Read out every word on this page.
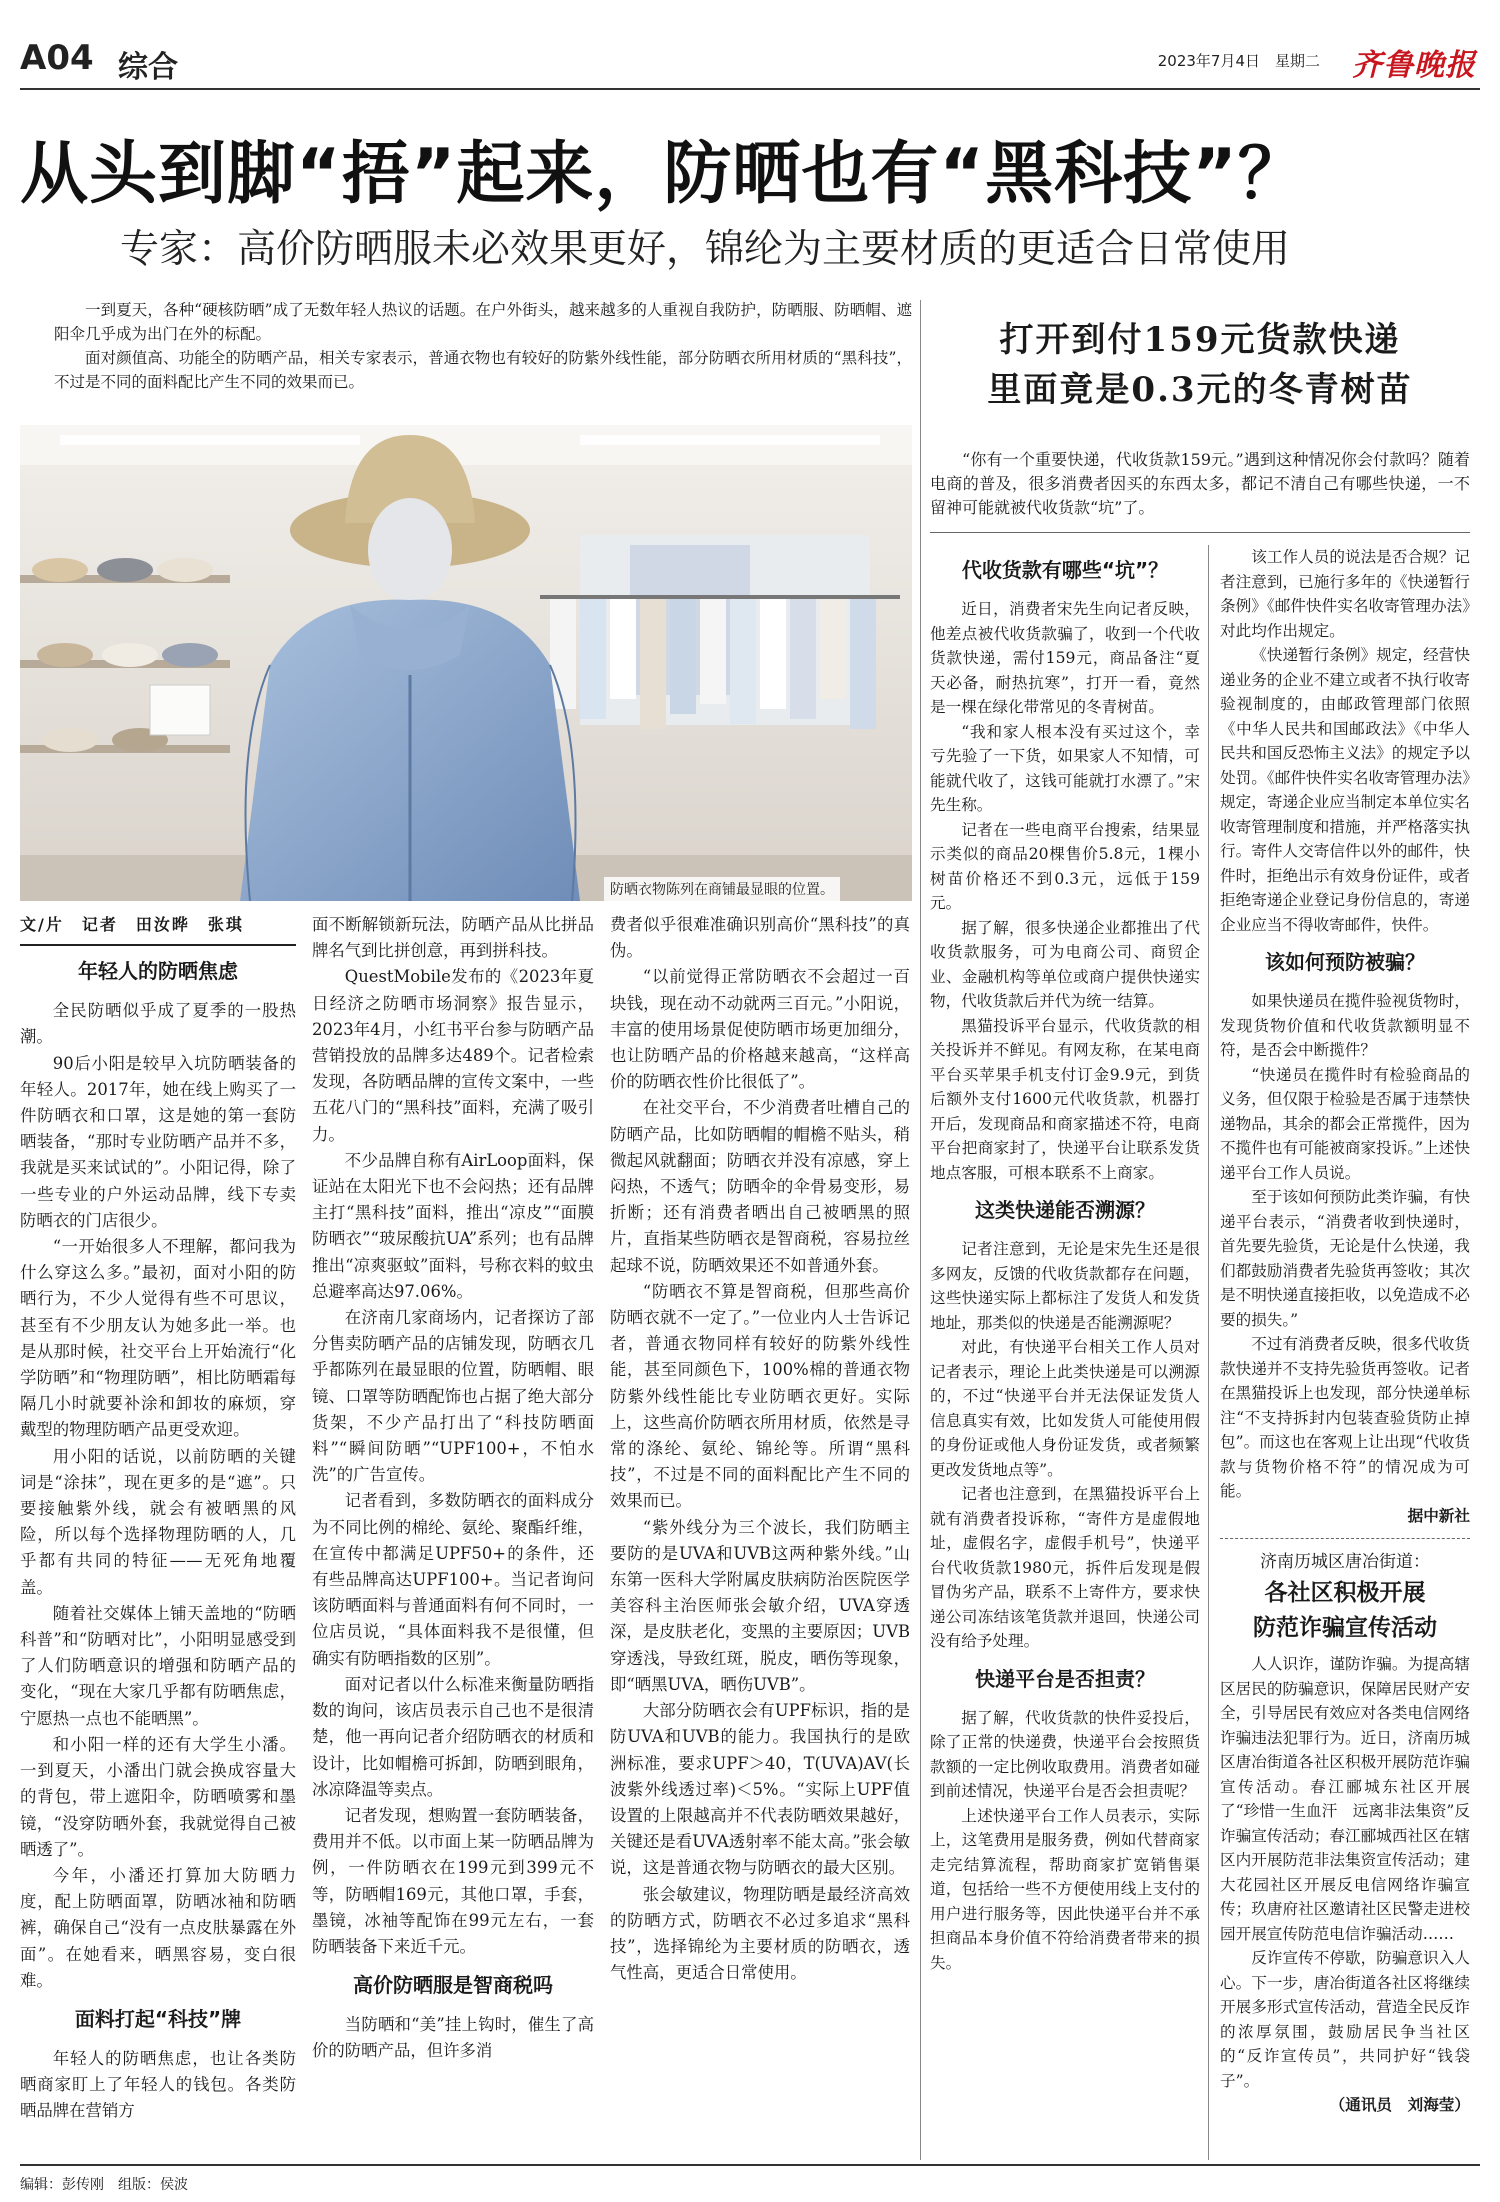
A04 综合	2023年7月4日　星期二 齐鲁晚报
从头到脚“捂”起来，防晒也有“黑科技”？
专家：高价防晒服未必效果更好，锦纶为主要材质的更适合日常使用

一到夏天，各种“硬核防晒”成了无数年轻人热议的话题。在户外街头，越来越多的人重视自我防护，防晒服、防晒帽、遮阳伞几乎成为出门在外的标配。

面对颜值高、功能全的防晒产品，相关专家表示，普通衣物也有较好的防紫外线性能，部分防晒衣所用材质的“黑科技”，不过是不同的面料配比产生不同的效果而已。

防晒衣物陈列在商铺最显眼的位置。
文/片　记者　田汝晔　张琪
年轻人的防晒焦虑

全民防晒似乎成了夏季的一股热潮。

90后小阳是较早入坑防晒装备的年轻人。2017年，她在线上购买了一件防晒衣和口罩，这是她的第一套防晒装备，“那时专业防晒产品并不多，我就是买来试试的”。小阳记得，除了一些专业的户外运动品牌，线下专卖防晒衣的门店很少。

“一开始很多人不理解，都问我为什么穿这么多。”最初，面对小阳的防晒行为，不少人觉得有些不可思议，甚至有不少朋友认为她多此一举。也是从那时候，社交平台上开始流行“化学防晒”和“物理防晒”，相比防晒霜每隔几小时就要补涂和卸妆的麻烦，穿戴型的物理防晒产品更受欢迎。

用小阳的话说，以前防晒的关键词是“涂抹”，现在更多的是“遮”。只要接触紫外线，就会有被晒黑的风险，所以每个选择物理防晒的人，几乎都有共同的特征——无死角地覆盖。

随着社交媒体上铺天盖地的“防晒科普”和“防晒对比”，小阳明显感受到了人们防晒意识的增强和防晒产品的变化，“现在大家几乎都有防晒焦虑，宁愿热一点也不能晒黑”。

和小阳一样的还有大学生小潘。一到夏天，小潘出门就会换成容量大的背包，带上遮阳伞，防晒喷雾和墨镜，“没穿防晒外套，我就觉得自己被晒透了”。

今年，小潘还打算加大防晒力度，配上防晒面罩，防晒冰袖和防晒裤，确保自己“没有一点皮肤暴露在外面”。在她看来，晒黑容易，变白很难。

面料打起“科技”牌

年轻人的防晒焦虑，也让各类防晒商家盯上了年轻人的钱包。各类防晒品牌在营销方

面不断解锁新玩法，防晒产品从比拼品牌名气到比拼创意，再到拼科技。

QuestMobile发布的《2023年夏日经济之防晒市场洞察》报告显示，2023年4月，小红书平台参与防晒产品营销投放的品牌多达489个。记者检索发现，各防晒品牌的宣传文案中，一些五花八门的“黑科技”面料，充满了吸引力。

不少品牌自称有AirLoop面料，保证站在太阳光下也不会闷热；还有品牌主打“黑科技”面料，推出“凉皮”“面膜防晒衣”“玻尿酸抗UA”系列；也有品牌推出“凉爽驱蚊”面料，号称衣料的蚊虫总避率高达97.06%。

在济南几家商场内，记者探访了部分售卖防晒产品的店铺发现，防晒衣几乎都陈列在最显眼的位置，防晒帽、眼镜、口罩等防晒配饰也占据了绝大部分货架，不少产品打出了“科技防晒面料”“瞬间防晒”“UPF100+，不怕水洗”的广告宣传。

记者看到，多数防晒衣的面料成分为不同比例的棉纶、氨纶、聚酯纤维，在宣传中都满足UPF50+的条件，还有些品牌高达UPF100+。当记者询问该防晒面料与普通面料有何不同时，一位店员说，“具体面料我不是很懂，但确实有防晒指数的区别”。

面对记者以什么标准来衡量防晒指数的询问，该店员表示自己也不是很清楚，他一再向记者介绍防晒衣的材质和设计，比如帽檐可拆卸，防晒到眼角，冰凉降温等卖点。

记者发现，想购置一套防晒装备，费用并不低。以市面上某一防晒品牌为例，一件防晒衣在199元到399元不等，防晒帽169元，其他口罩，手套，墨镜，冰袖等配饰在99元左右，一套防晒装备下来近千元。

高价防晒服是智商税吗

当防晒和“美”挂上钩时，催生了高价的防晒产品，但许多消

费者似乎很难准确识别高价“黑科技”的真伪。

“以前觉得正常防晒衣不会超过一百块钱，现在动不动就两三百元。”小阳说，丰富的使用场景促使防晒市场更加细分，也让防晒产品的价格越来越高，“这样高价的防晒衣性价比很低了”。

在社交平台，不少消费者吐槽自己的防晒产品，比如防晒帽的帽檐不贴头，稍微起风就翻面；防晒衣并没有凉感，穿上闷热，不透气；防晒伞的伞骨易变形，易折断；还有消费者晒出自己被晒黑的照片，直指某些防晒衣是智商税，容易拉丝起球不说，防晒效果还不如普通外套。

“防晒衣不算是智商税，但那些高价防晒衣就不一定了。”一位业内人士告诉记者，普通衣物同样有较好的防紫外线性能，甚至同颜色下，100%棉的普通衣物防紫外线性能比专业防晒衣更好。实际上，这些高价防晒衣所用材质，依然是寻常的涤纶、氨纶、锦纶等。所谓“黑科技”，不过是不同的面料配比产生不同的效果而已。

“紫外线分为三个波长，我们防晒主要防的是UVA和UVB这两种紫外线。”山东第一医科大学附属皮肤病防治医院医学美容科主治医师张会敏介绍，UVA穿透深，是皮肤老化，变黑的主要原因；UVB穿透浅，导致红斑，脱皮，晒伤等现象，即“晒黑UVA，晒伤UVB”。

大部分防晒衣会有UPF标识，指的是防UVA和UVB的能力。我国执行的是欧洲标准，要求UPF＞40，T(UVA)AV(长波紫外线透过率)＜5%。“实际上UPF值设置的上限越高并不代表防晒效果越好，关键还是看UVA透射率不能太高。”张会敏说，这是普通衣物与防晒衣的最大区别。

张会敏建议，物理防晒是最经济高效的防晒方式，防晒衣不必过多追求“黑科技”，选择锦纶为主要材质的防晒衣，透气性高，更适合日常使用。

打开到付159元货款快递
里面竟是0.3元的冬青树苗

“你有一个重要快递，代收货款159元。”遇到这种情况你会付款吗？随着电商的普及，很多消费者因买的东西太多，都记不清自己有哪些快递，一不留神可能就被代收货款“坑”了。

代收货款有哪些“坑”？

近日，消费者宋先生向记者反映，他差点被代收货款骗了，收到一个代收货款快递，需付159元，商品备注“夏天必备，耐热抗寒”，打开一看，竟然是一棵在绿化带常见的冬青树苗。

“我和家人根本没有买过这个，幸亏先验了一下货，如果家人不知情，可能就代收了，这钱可能就打水漂了。”宋先生称。

记者在一些电商平台搜索，结果显示类似的商品20棵售价5.8元，1棵小树苗价格还不到0.3元，远低于159元。

据了解，很多快递企业都推出了代收货款服务，可为电商公司、商贸企业、金融机构等单位或商户提供快递实物，代收货款后并代为统一结算。

黑猫投诉平台显示，代收货款的相关投诉并不鲜见。有网友称，在某电商平台买苹果手机支付订金9.9元，到货后额外支付1600元代收货款，机器打开后，发现商品和商家描述不符，电商平台把商家封了，快递平台让联系发货地点客服，可根本联系不上商家。

这类快递能否溯源？

记者注意到，无论是宋先生还是很多网友，反馈的代收货款都存在问题，这些快递实际上都标注了发货人和发货地址，那类似的快递是否能溯源呢？

对此，有快递平台相关工作人员对记者表示，理论上此类快递是可以溯源的，不过“快递平台并无法保证发货人信息真实有效，比如发货人可能使用假的身份证或他人身份证发货，或者频繁更改发货地点等”。

记者也注意到，在黑猫投诉平台上就有消费者投诉称，“寄件方是虚假地址，虚假名字，虚假手机号”，快递平台代收货款1980元，拆件后发现是假冒伪劣产品，联系不上寄件方，要求快递公司冻结该笔货款并退回，快递公司没有给予处理。

快递平台是否担责？

据了解，代收货款的快件妥投后，除了正常的快递费，快递平台会按照货款额的一定比例收取费用。消费者如碰到前述情况，快递平台是否会担责呢？

上述快递平台工作人员表示，实际上，这笔费用是服务费，例如代替商家走完结算流程，帮助商家扩宽销售渠道，包括给一些不方便使用线上支付的用户进行服务等，因此快递平台并不承担商品本身价值不符给消费者带来的损失。

该工作人员的说法是否合规？记者注意到，已施行多年的《快递暂行条例》《邮件快件实名收寄管理办法》对此均作出规定。

《快递暂行条例》规定，经营快递业务的企业不建立或者不执行收寄验视制度的，由邮政管理部门依照《中华人民共和国邮政法》《中华人民共和国反恐怖主义法》的规定予以处罚。《邮件快件实名收寄管理办法》规定，寄递企业应当制定本单位实名收寄管理制度和措施，并严格落实执行。寄件人交寄信件以外的邮件，快件时，拒绝出示有效身份证件，或者拒绝寄递企业登记身份信息的，寄递企业应当不得收寄邮件，快件。

该如何预防被骗？

如果快递员在揽件验视货物时，发现货物价值和代收货款额明显不符，是否会中断揽件？

“快递员在揽件时有检验商品的义务，但仅限于检验是否属于违禁快递物品，其余的都会正常揽件，因为不揽件也有可能被商家投诉。”上述快递平台工作人员说。

至于该如何预防此类诈骗，有快递平台表示，“消费者收到快递时，首先要先验货，无论是什么快递，我们都鼓励消费者先验货再签收；其次是不明快递直接拒收，以免造成不必要的损失。”

不过有消费者反映，很多代收货款快递并不支持先验货再签收。记者在黑猫投诉上也发现，部分快递单标注“不支持拆封内包装查验货防止掉包”。而这也在客观上让出现“代收货款与货物价格不符”的情况成为可能。

据中新社
济南历城区唐冶街道：
各社区积极开展
防范诈骗宣传活动

人人识诈，谨防诈骗。为提高辖区居民的防骗意识，保障居民财产安全，引导居民有效应对各类电信网络诈骗违法犯罪行为。近日，济南历城区唐冶街道各社区积极开展防范诈骗宣传活动。春江郦城东社区开展了“珍惜一生血汗　远离非法集资”反诈骗宣传活动；春江郦城西社区在辖区内开展防范非法集资宣传活动；建大花园社区开展反电信网络诈骗宣传；玖唐府社区邀请社区民警走进校园开展宣传防范电信诈骗活动……

反诈宣传不停歇，防骗意识入人心。下一步，唐冶街道各社区将继续开展多形式宣传活动，营造全民反诈的浓厚氛围，鼓励居民争当社区的“反诈宣传员”，共同护好“钱袋子”。

（通讯员　刘海莹）
编辑：彭传刚　组版：侯波
